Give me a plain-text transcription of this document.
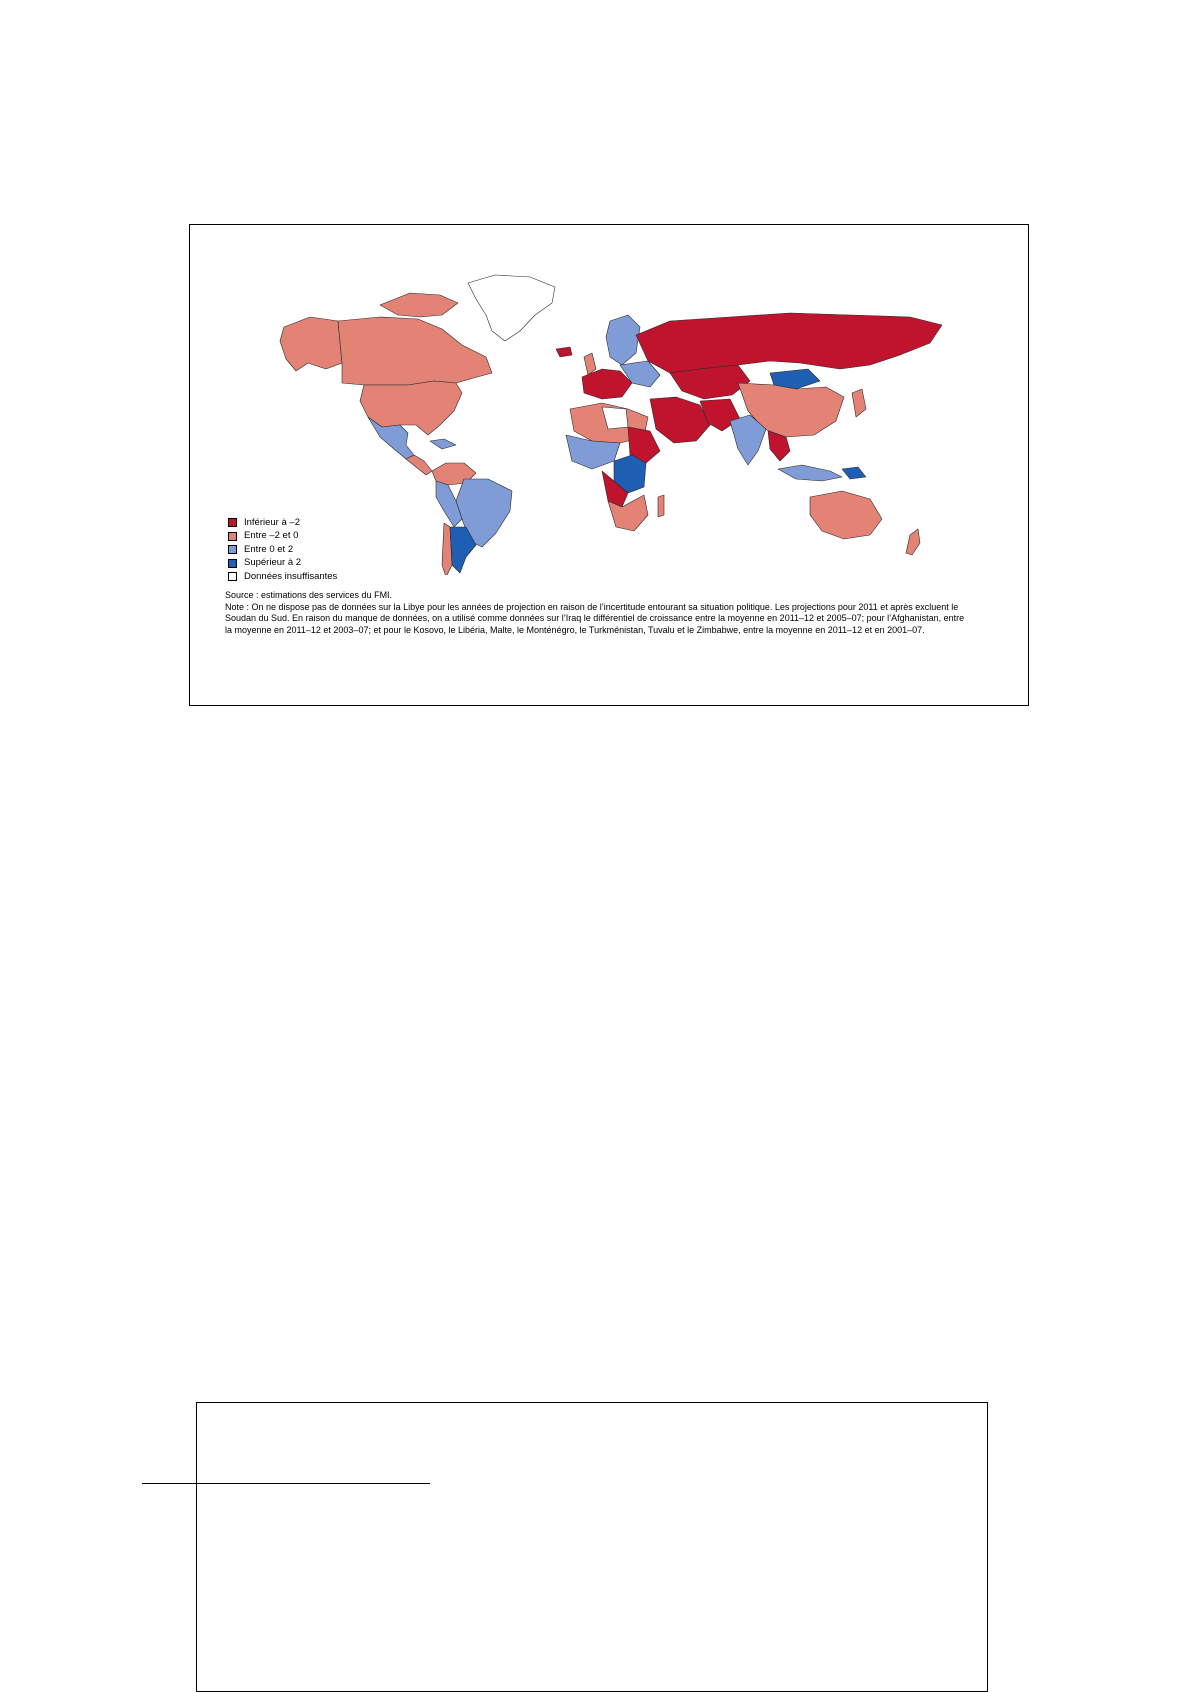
Inférieur à –2
Entre –2 et 0
Entre 0 et 2
Supérieur à 2
Données insuffisantes

Source : estimations des services du FMI.

Note : On ne dispose pas de données sur la Libye pour les années de projection en raison de l’incertitude entourant sa situation politique. Les projections pour 2011 et après excluent le Soudan du Sud. En raison du manque de données, on a utilisé comme données sur l’Iraq le différentiel de croissance entre la moyenne en 2011–12 et 2005–07; pour l’Afghanistan, entre la moyenne en 2011–12 et 2003–07; et pour le Kosovo, le Libéria, Malte, le Monténégro, le Turkménistan, Tuvalu et le Zimbabwe, entre la moyenne en 2011–12 et en 2001–07.
